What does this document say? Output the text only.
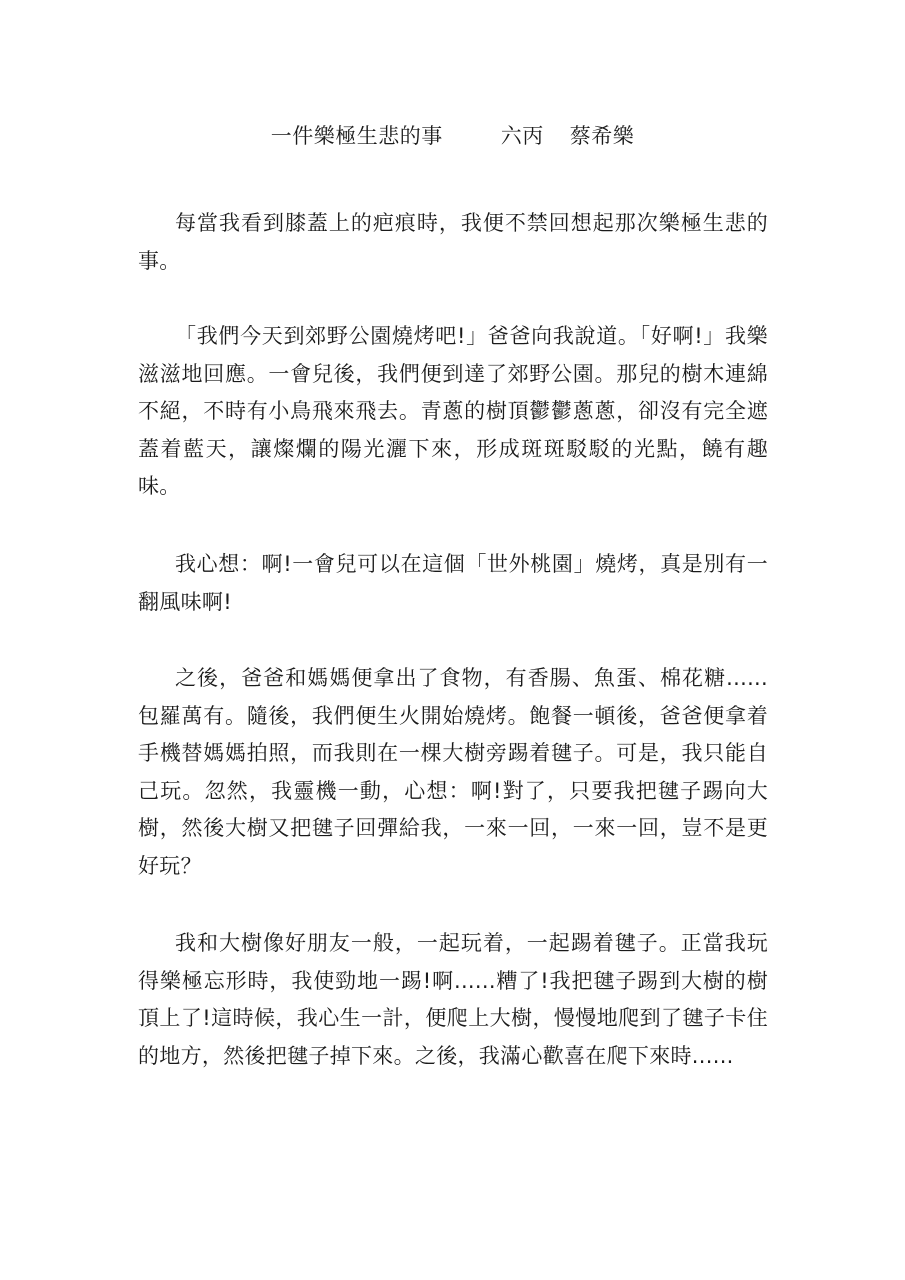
一件樂極生悲的事	六丙 蔡希樂

每當我看到膝蓋上的疤痕時，我便不禁回想起那次樂極生悲的事。

「我們今天到郊野公園燒烤吧!」爸爸向我說道。「好啊!」我樂滋滋地回應。一會兒後，我們便到達了郊野公園。那兒的樹木連綿不絕，不時有小鳥飛來飛去。青蔥的樹頂鬱鬱蔥蔥，卻沒有完全遮蓋着藍天，讓燦爛的陽光灑下來，形成斑斑駁駁的光點，饒有趣味。

我心想：啊!一會兒可以在這個「世外桃園」燒烤，真是別有一翻風味啊!

之後，爸爸和媽媽便拿出了食物，有香腸、魚蛋、棉花糖......包羅萬有。隨後，我們便生火開始燒烤。飽餐一頓後，爸爸便拿着手機替媽媽拍照，而我則在一棵大樹旁踢着毽子。可是，我只能自己玩。忽然，我靈機一動，心想：啊!對了，只要我把毽子踢向大樹，然後大樹又把毽子回彈給我，一來一回，一來一回，豈不是更好玩？

我和大樹像好朋友一般，一起玩着，一起踢着毽子。正當我玩得樂極忘形時，我使勁地一踢!啊......糟了!我把毽子踢到大樹的樹頂上了!這時候，我心生一計，便爬上大樹，慢慢地爬到了毽子卡住的地方，然後把毽子掉下來。之後，我滿心歡喜在爬下來時......
